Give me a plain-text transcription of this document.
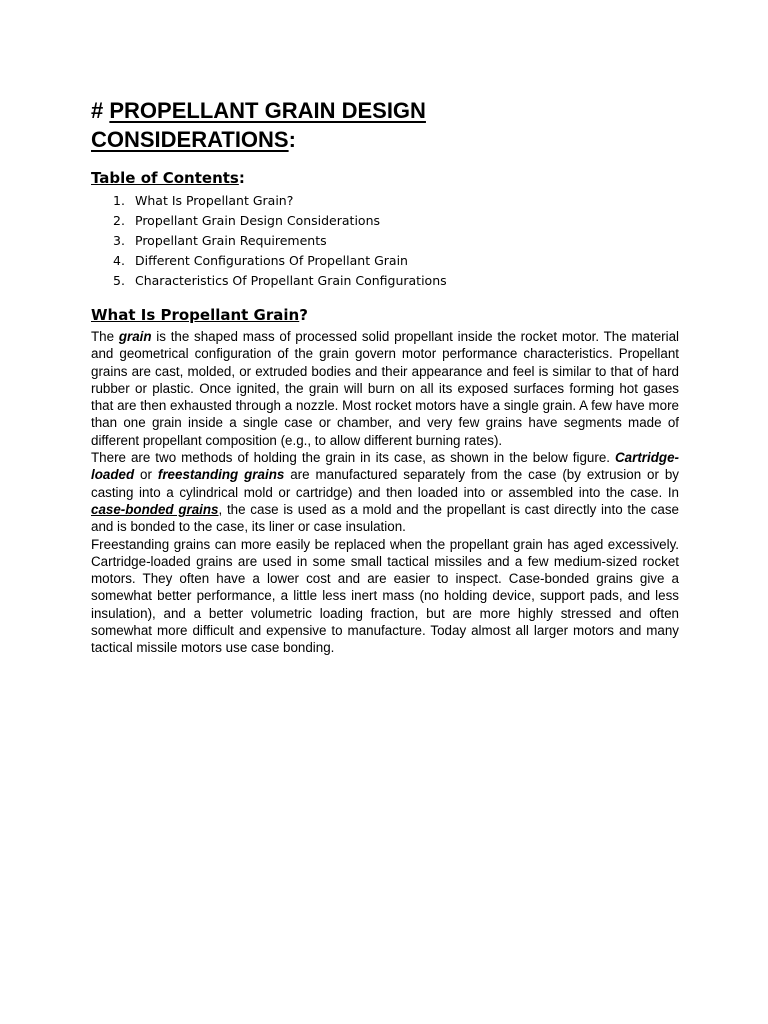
# PROPELLANT GRAIN DESIGN CONSIDERATIONS:
Table of Contents:
1. What Is Propellant Grain?
2. Propellant Grain Design Considerations
3. Propellant Grain Requirements
4. Different Configurations Of Propellant Grain
5. Characteristics Of Propellant Grain Configurations
What Is Propellant Grain?

The grain is the shaped mass of processed solid propellant inside the rocket motor. The material and geometrical configuration of the grain govern motor performance characteristics. Propellant grains are cast, molded, or extruded bodies and their appearance and feel is similar to that of hard rubber or plastic. Once ignited, the grain will burn on all its exposed surfaces forming hot gases that are then exhausted through a nozzle. Most rocket motors have a single grain. A few have more than one grain inside a single case or chamber, and very few grains have segments made of different propellant composition (e.g., to allow different burning rates).

There are two methods of holding the grain in its case, as shown in the below figure. Cartridge-loaded or freestanding grains are manufactured separately from the case (by extrusion or by casting into a cylindrical mold or cartridge) and then loaded into or assembled into the case. In case-bonded grains, the case is used as a mold and the propellant is cast directly into the case and is bonded to the case, its liner or case insulation.

Freestanding grains can more easily be replaced when the propellant grain has aged excessively. Cartridge-loaded grains are used in some small tactical missiles and a few medium-sized rocket motors. They often have a lower cost and are easier to inspect. Case-bonded grains give a somewhat better performance, a little less inert mass (no holding device, support pads, and less insulation), and a better volumetric loading fraction, but are more highly stressed and often somewhat more difficult and expensive to manufacture. Today almost all larger motors and many tactical missile motors use case bonding.
